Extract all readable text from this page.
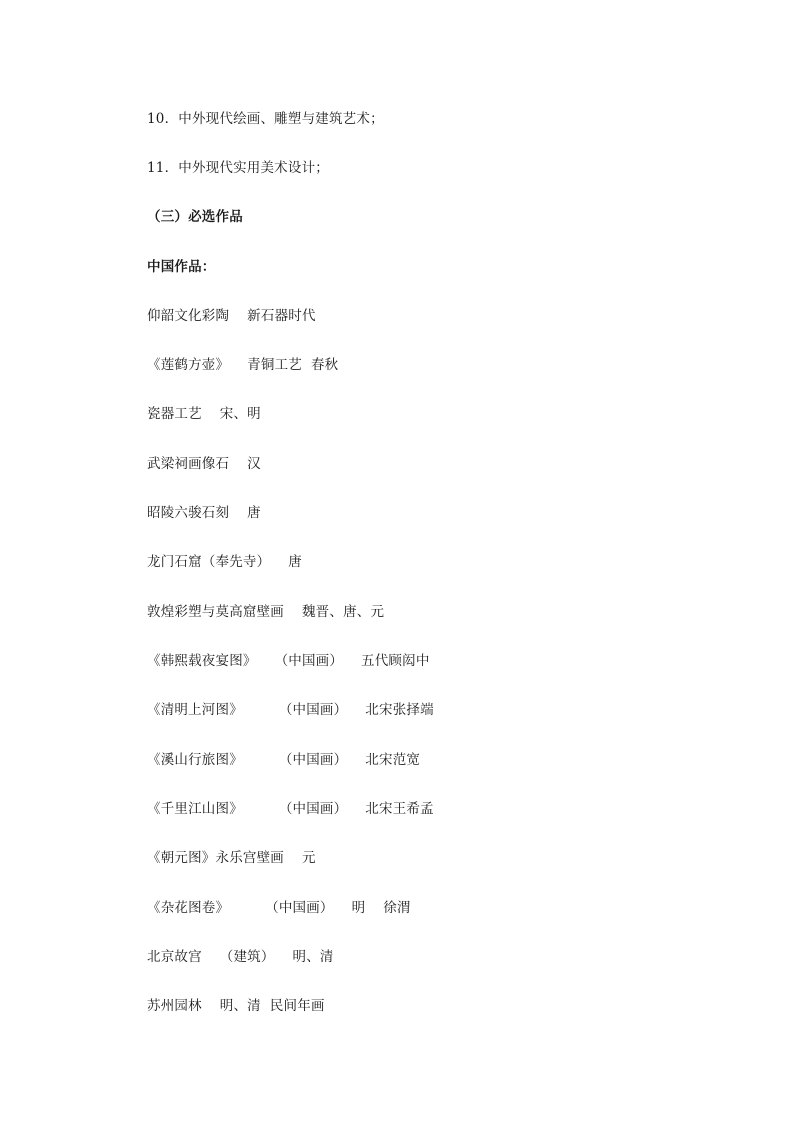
10．中外现代绘画、雕塑与建筑艺术；
11．中外现代实用美术设计；
（三）必选作品
中国作品：
仰韶文化彩陶    新石器时代
《莲鹤方壶》    青铜工艺  春秋
瓷器工艺    宋、明
武梁祠画像石    汉
昭陵六骏石刻    唐
龙门石窟（奉先寺）    唐
敦煌彩塑与莫高窟壁画    魏晋、唐、元
《韩熙载夜宴图》    （中国画）    五代顾闳中
《清明上河图》        （中国画）    北宋张择端
《溪山行旅图》        （中国画）    北宋范宽
《千里江山图》        （中国画）    北宋王希孟
《朝元图》永乐宫壁画    元
《杂花图卷》        （中国画）    明    徐渭
北京故宫    （建筑）    明、清
苏州园林    明、清  民间年画
